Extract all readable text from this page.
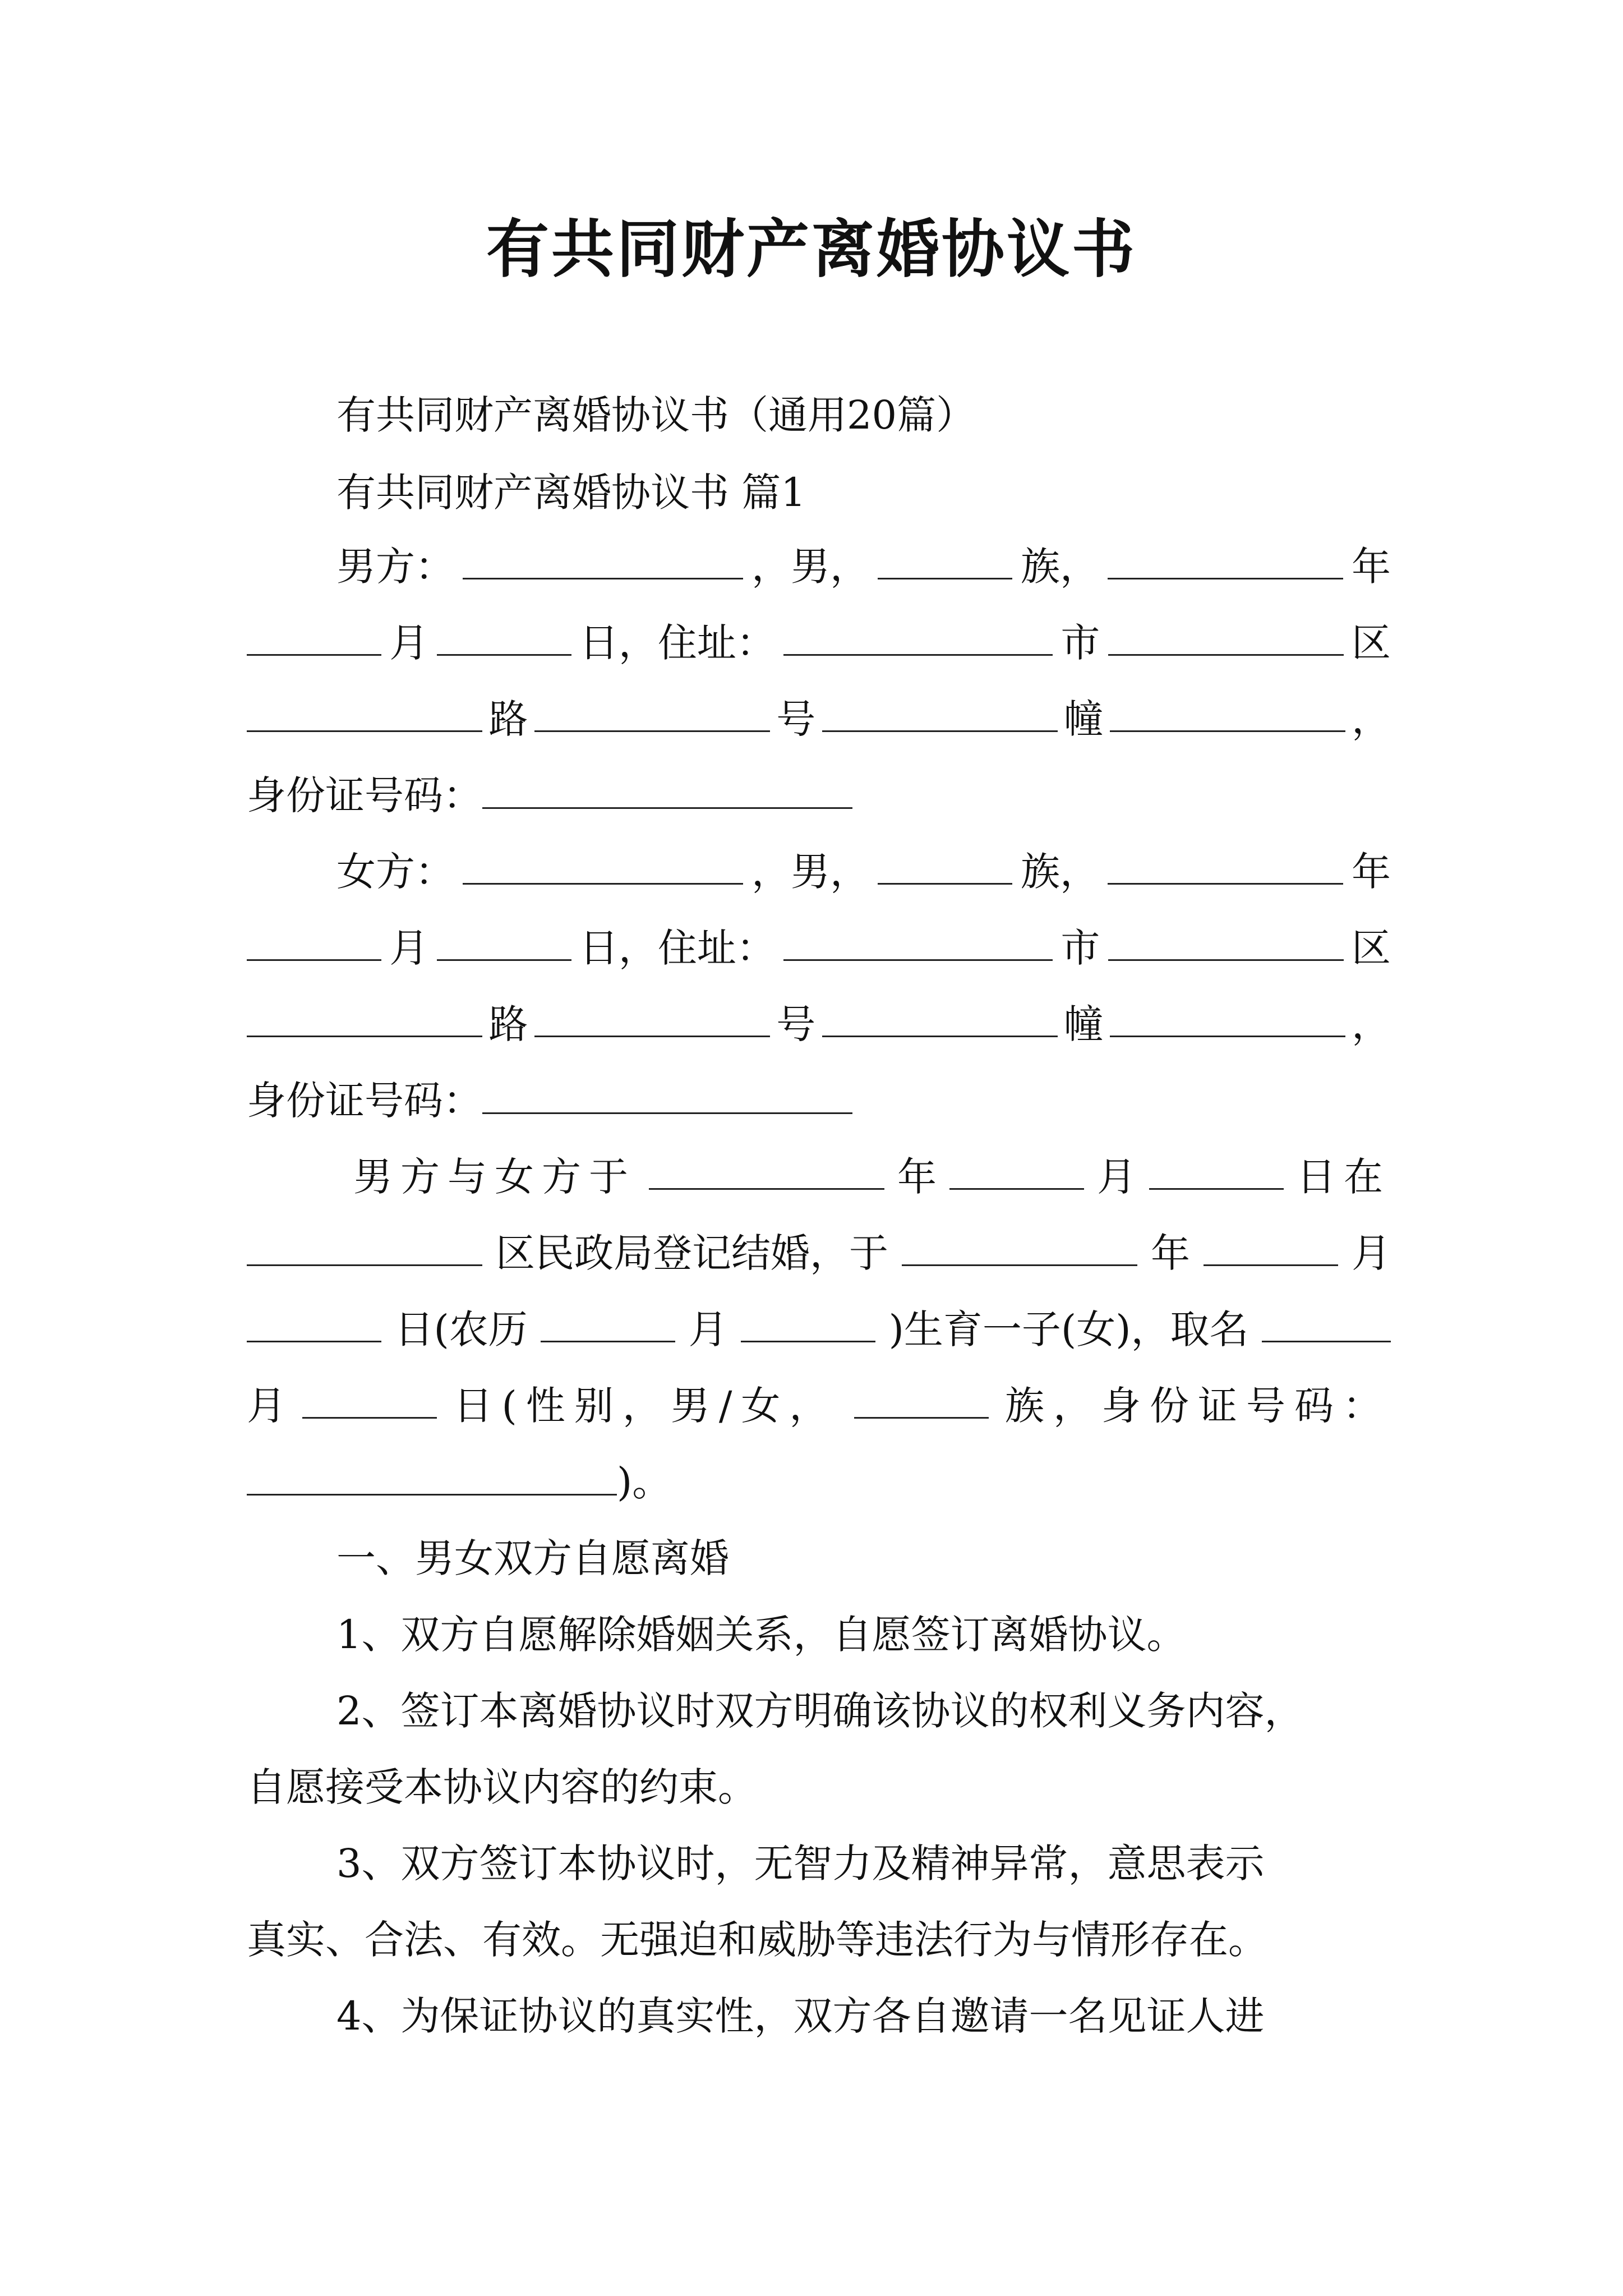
有共同财产离婚协议书
有共同财产离婚协议书（通用20篇）
有共同财产离婚协议书 篇1
男方：	，男，	族，	年
月	日，住址：	市	区
路	号	幢	，
身份证号码：
女方：	，男，	族，	年
月	日，住址：	市	区
路	号	幢	，
身份证号码：
男方与女方于	年	月	日在
区民政局登记结婚，于	年	月
日(农历	月	)生育一子(女)，取名
月	日(性别，男/女，	族，身份证号码：
)。
一、男女双方自愿离婚
1、双方自愿解除婚姻关系，自愿签订离婚协议。
2、签订本离婚协议时双方明确该协议的权利义务内容，
自愿接受本协议内容的约束。
3、双方签订本协议时，无智力及精神异常，意思表示
真实、合法、有效。无强迫和威胁等违法行为与情形存在。
4、为保证协议的真实性，双方各自邀请一名见证人进
